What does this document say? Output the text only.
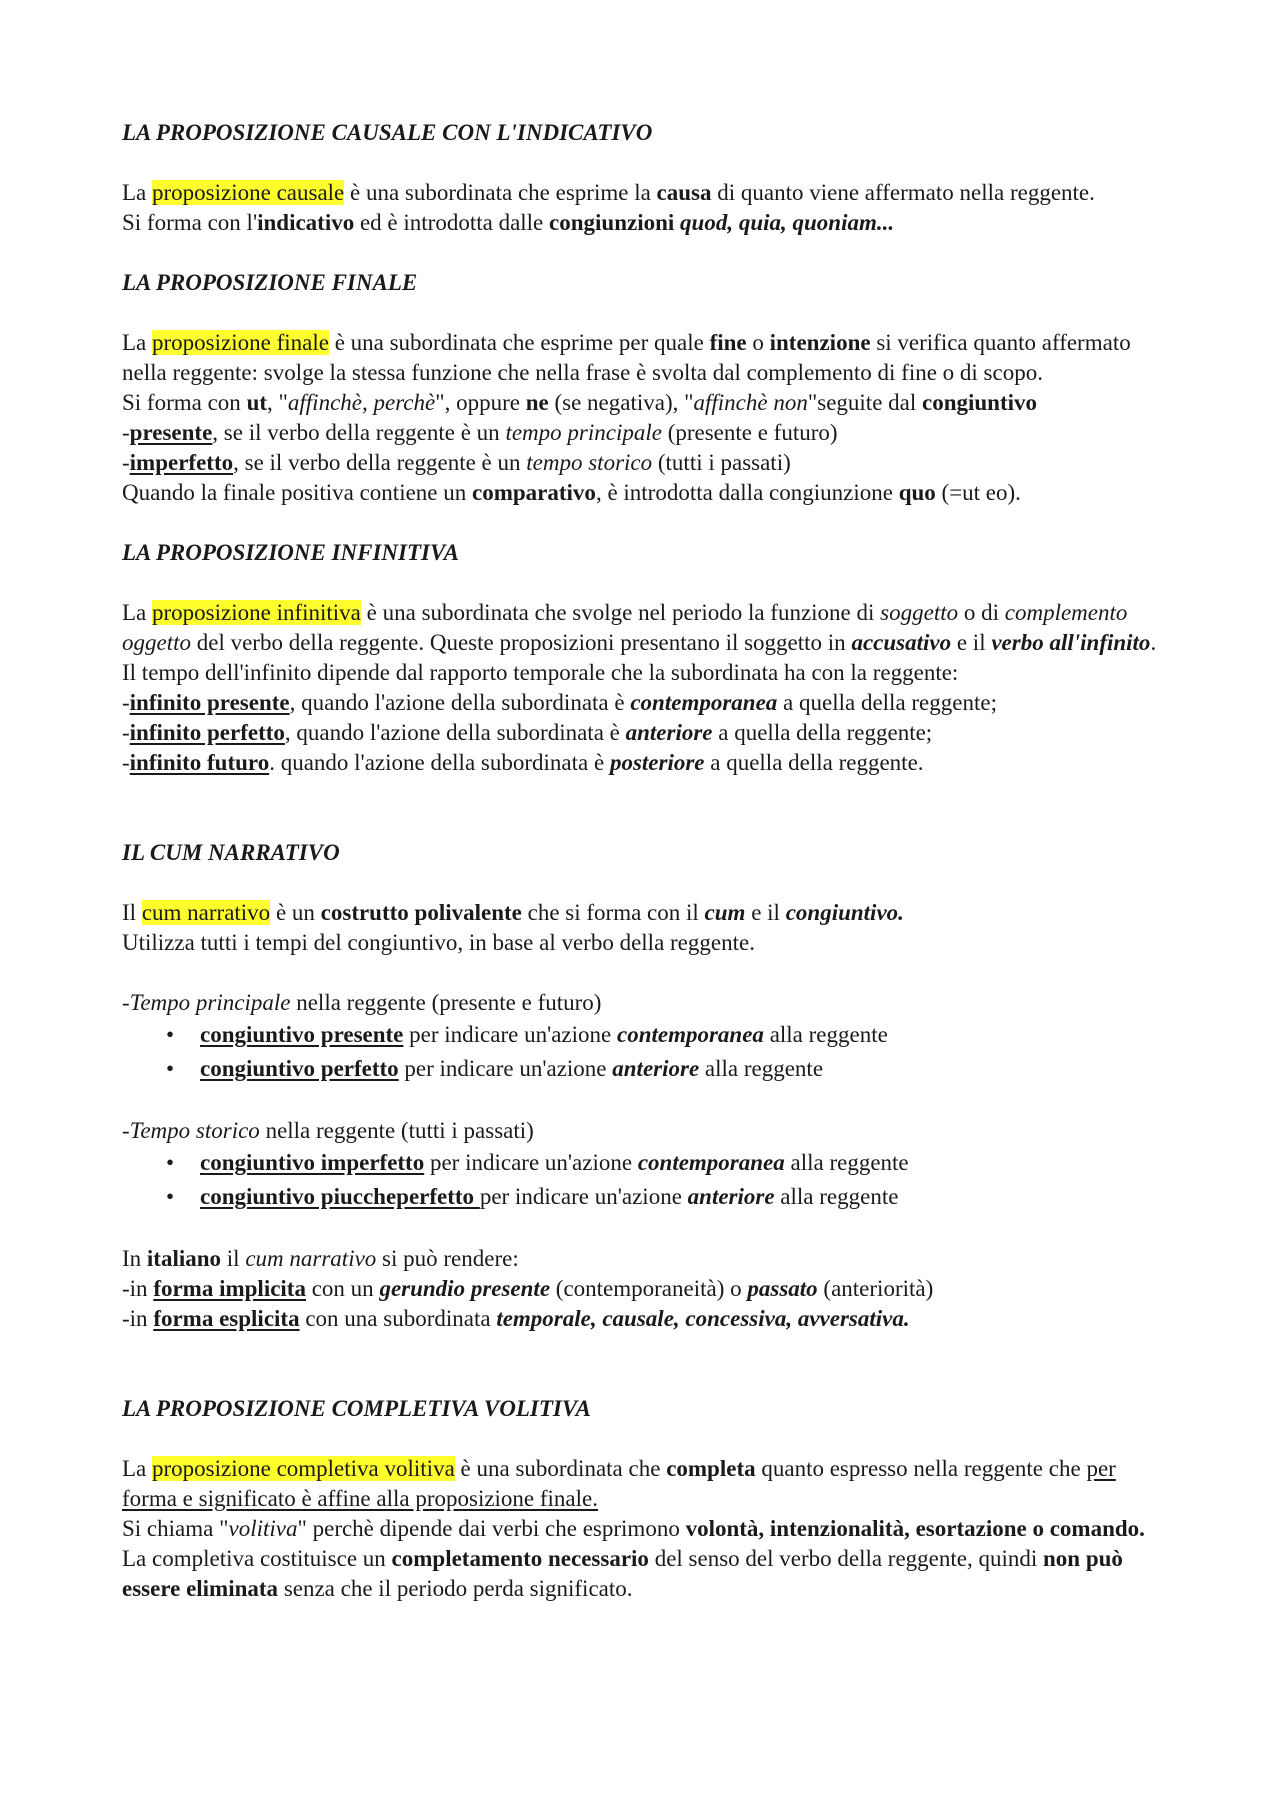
LA PROPOSIZIONE CAUSALE CON L'INDICATIVO

La proposizione causale è una subordinata che esprime la causa di quanto viene affermato nella reggente.

Si forma con l'indicativo ed è introdotta dalle congiunzioni quod, quia, quoniam...

LA PROPOSIZIONE FINALE

La proposizione finale è una subordinata che esprime per quale fine o intenzione si verifica quanto affermato nella reggente: svolge la stessa funzione che nella frase è svolta dal complemento di fine o di scopo.

Si forma con ut, "affinchè, perchè", oppure ne (se negativa), "affinchè non"seguite dal congiuntivo

-presente, se il verbo della reggente è un tempo principale (presente e futuro)

-imperfetto, se il verbo della reggente è un tempo storico (tutti i passati)

Quando la finale positiva contiene un comparativo, è introdotta dalla congiunzione quo (=ut eo).

LA PROPOSIZIONE INFINITIVA

La proposizione infinitiva è una subordinata che svolge nel periodo la funzione di soggetto o di complemento oggetto del verbo della reggente. Queste proposizioni presentano il soggetto in accusativo e il verbo all'infinito.

Il tempo dell'infinito dipende dal rapporto temporale che la subordinata ha con la reggente:

-infinito presente, quando l'azione della subordinata è contemporanea a quella della reggente;

-infinito perfetto, quando l'azione della subordinata è anteriore a quella della reggente;

-infinito futuro. quando l'azione della subordinata è posteriore a quella della reggente.

IL CUM NARRATIVO

Il cum narrativo è un costrutto polivalente che si forma con il cum e il congiuntivo.

Utilizza tutti i tempi del congiuntivo, in base al verbo della reggente.

-Tempo principale nella reggente (presente e futuro)

• congiuntivo presente per indicare un'azione contemporanea alla reggente
• congiuntivo perfetto per indicare un'azione anteriore alla reggente

-Tempo storico nella reggente (tutti i passati)

• congiuntivo imperfetto per indicare un'azione contemporanea alla reggente
• congiuntivo piuccheperfetto per indicare un'azione anteriore alla reggente

In italiano il cum narrativo si può rendere:

-in forma implicita con un gerundio presente (contemporaneità) o passato (anteriorità)

-in forma esplicita con una subordinata temporale, causale, concessiva, avversativa.

LA PROPOSIZIONE COMPLETIVA VOLITIVA

La proposizione completiva volitiva è una subordinata che completa quanto espresso nella reggente che per forma e significato è affine alla proposizione finale.

Si chiama "volitiva" perchè dipende dai verbi che esprimono volontà, intenzionalità, esortazione o comando. La completiva costituisce un completamento necessario del senso del verbo della reggente, quindi non può essere eliminata senza che il periodo perda significato.
